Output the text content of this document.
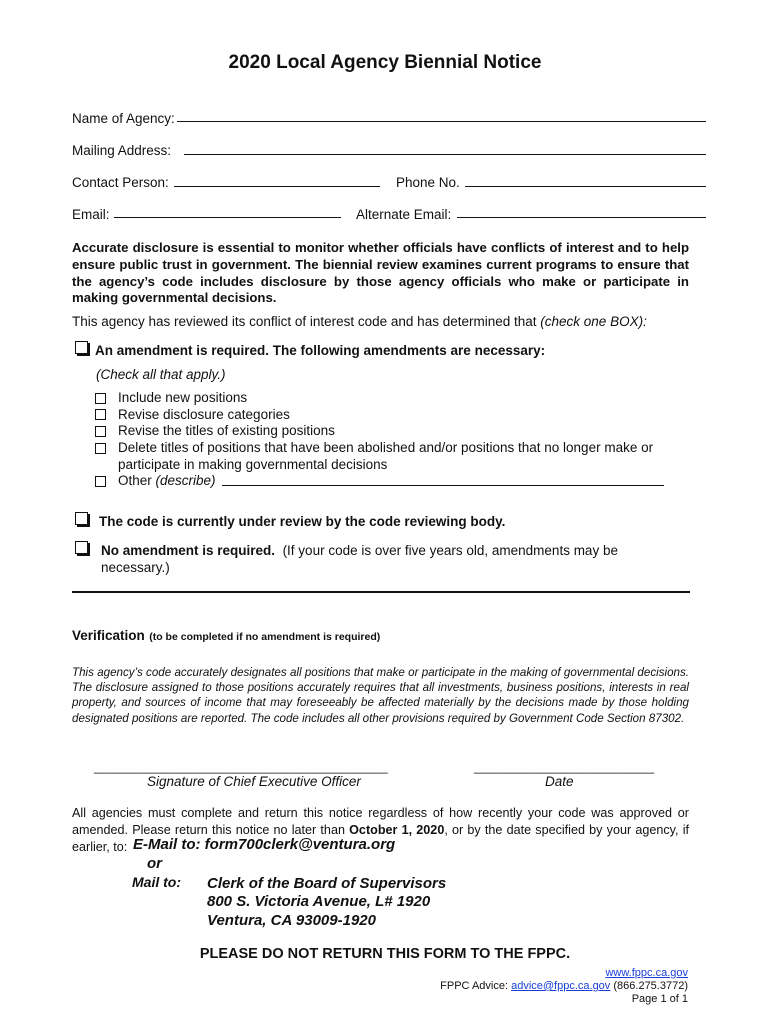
2020 Local Agency Biennial Notice
Name of Agency:
Mailing Address:
Contact Person:	Phone No.
Email:	Alternate Email:
Accurate disclosure is essential to monitor whether officials have conflicts of interest and to help ensure public trust in government. The biennial review examines current programs to ensure that the agency’s code includes disclosure by those agency officials who make or participate in making governmental decisions.
This agency has reviewed its conflict of interest code and has determined that (check one BOX):
An amendment is required. The following amendments are necessary:
(Check all that apply.)
Include new positions
Revise disclosure categories
Revise the titles of existing positions
Delete titles of positions that have been abolished and/or positions that no longer make or participate in making governmental decisions
Other (describe)
The code is currently under review by the code reviewing body.
No amendment is required. (If your code is over five years old, amendments may be necessary.)
Verification (to be completed if no amendment is required)
This agency’s code accurately designates all positions that make or participate in the making of governmental decisions. The disclosure assigned to those positions accurately requires that all investments, business positions, interests in real property, and sources of income that may foreseeably be affected materially by the decisions made by those holding designated positions are reported. The code includes all other provisions required by Government Code Section 87302.
____________________________________________	___________________________
Signature of Chief Executive Officer	Date
All agencies must complete and return this notice regardless of how recently your code was approved or amended. Please return this notice no later than October 1, 2020, or by the date specified by your agency, if earlier, to: E-Mail to: form700clerk@ventura.org
or
Mail to: Clerk of the Board of Supervisors
800 S. Victoria Avenue, L# 1920
Ventura, CA 93009-1920
PLEASE DO NOT RETURN THIS FORM TO THE FPPC.
www.fppc.ca.gov
FPPC Advice: advice@fppc.ca.gov (866.275.3772)
Page 1 of 1
